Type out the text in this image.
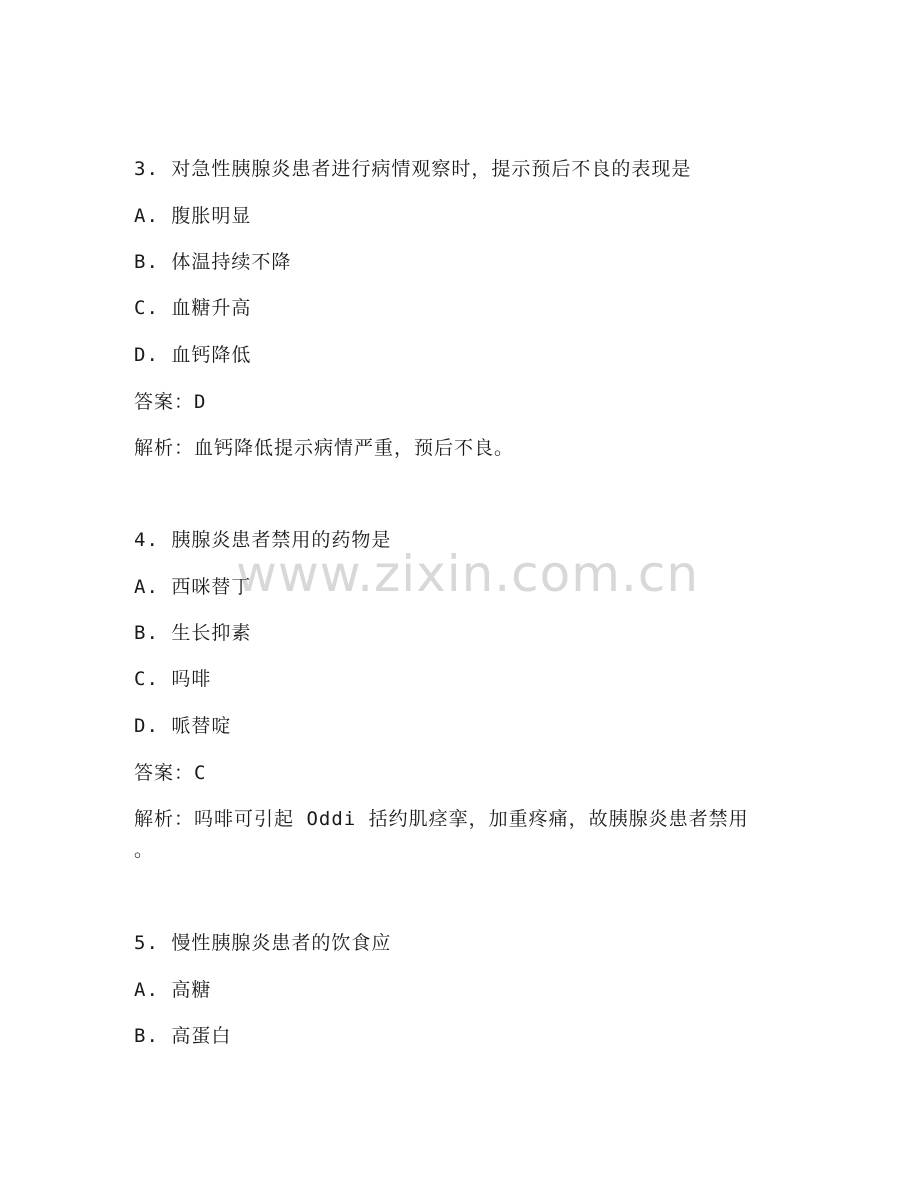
www.zixin.com.cn
3. 对急性胰腺炎患者进行病情观察时，提示预后不良的表现是
A. 腹胀明显
B. 体温持续不降
C. 血糖升高
D. 血钙降低
答案：D
解析：血钙降低提示病情严重，预后不良。
4. 胰腺炎患者禁用的药物是
A. 西咪替丁
B. 生长抑素
C. 吗啡
D. 哌替啶
答案：C
解析：吗啡可引起 Oddi 括约肌痉挛，加重疼痛，故胰腺炎患者禁用
。
5. 慢性胰腺炎患者的饮食应
A. 高糖
B. 高蛋白
